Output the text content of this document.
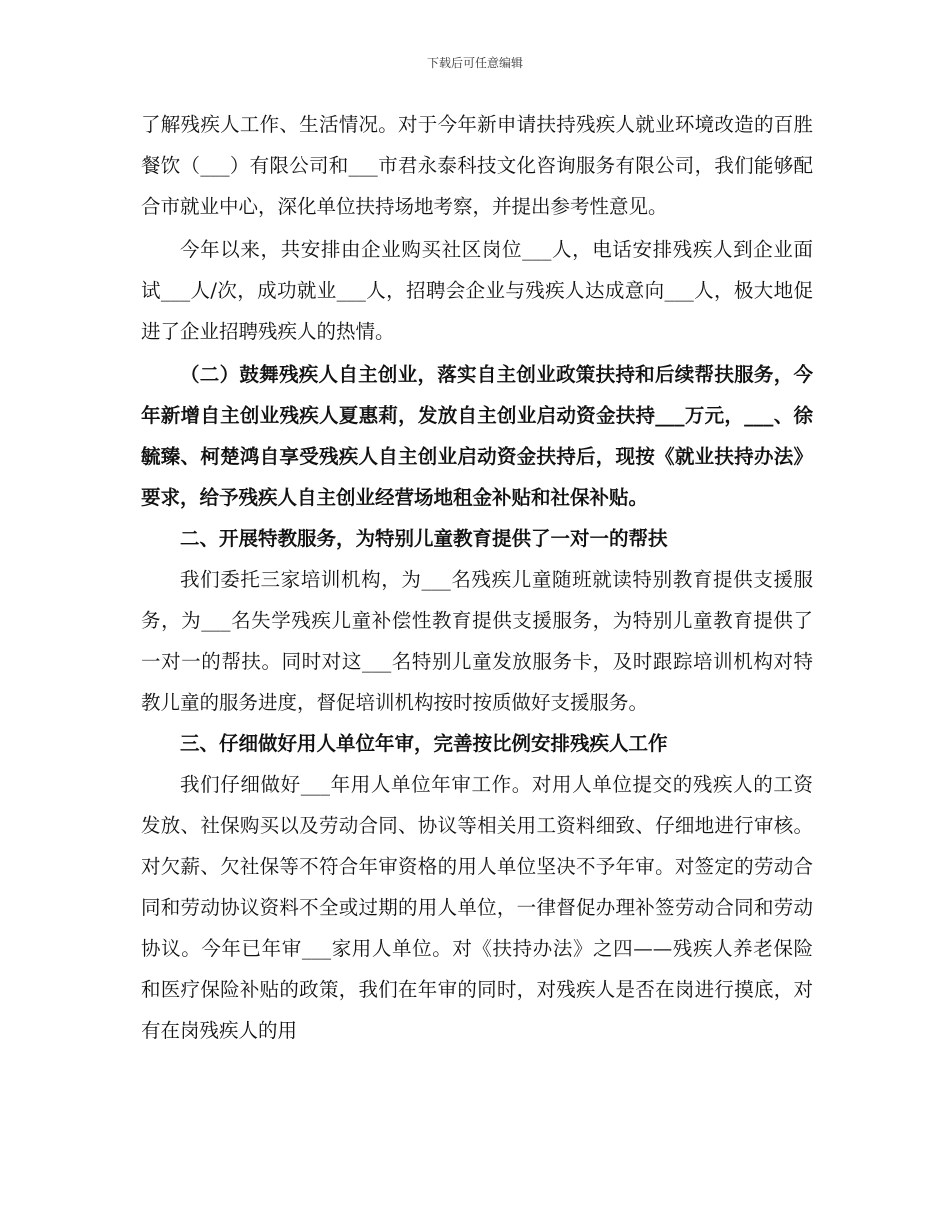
下载后可任意编辑

了解残疾人工作、生活情况。对于今年新申请扶持残疾人就业环境改造的百胜餐饮（___）有限公司和___市君永泰科技文化咨询服务有限公司，我们能够配合市就业中心，深化单位扶持场地考察，并提出参考性意见。

今年以来，共安排由企业购买社区岗位___人，电话安排残疾人到企业面试___人/次，成功就业___人，招聘会企业与残疾人达成意向___人，极大地促进了企业招聘残疾人的热情。

（二）鼓舞残疾人自主创业，落实自主创业政策扶持和后续帮扶服务，今年新增自主创业残疾人夏惠莉，发放自主创业启动资金扶持___万元，___、徐毓臻、柯楚鸿自享受残疾人自主创业启动资金扶持后，现按《就业扶持办法》要求，给予残疾人自主创业经营场地租金补贴和社保补贴。

二、开展特教服务，为特别儿童教育提供了一对一的帮扶

我们委托三家培训机构，为___名残疾儿童随班就读特别教育提供支援服务，为___名失学残疾儿童补偿性教育提供支援服务，为特别儿童教育提供了一对一的帮扶。同时对这___名特别儿童发放服务卡，及时跟踪培训机构对特教儿童的服务进度，督促培训机构按时按质做好支援服务。

三、仔细做好用人单位年审，完善按比例安排残疾人工作

我们仔细做好___年用人单位年审工作。对用人单位提交的残疾人的工资发放、社保购买以及劳动合同、协议等相关用工资料细致、仔细地进行审核。对欠薪、欠社保等不符合年审资格的用人单位坚决不予年审。对签定的劳动合同和劳动协议资料不全或过期的用人单位，一律督促办理补签劳动合同和劳动协议。今年已年审___家用人单位。对《扶持办法》之四——残疾人养老保险和医疗保险补贴的政策，我们在年审的同时，对残疾人是否在岗进行摸底，对有在岗残疾人的用
